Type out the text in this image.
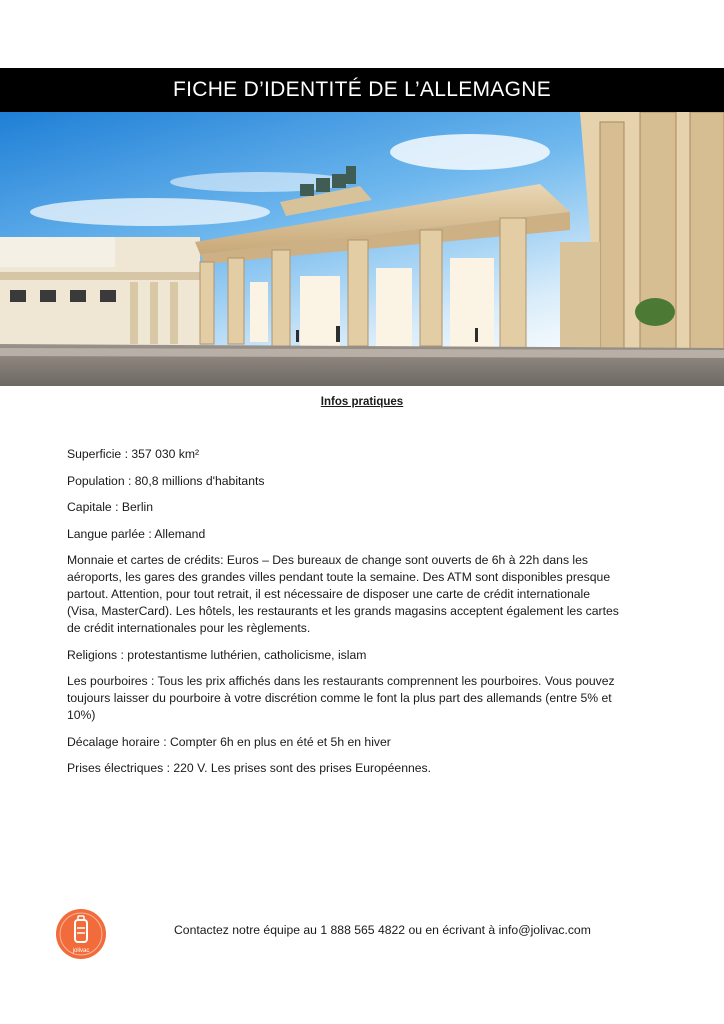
FICHE D’IDENTITÉ DE L’ALLEMAGNE
Infos pratiques

Superficie : 357 030 km²

Population : 80,8 millions d'habitants

Capitale : Berlin

Langue parlée : Allemand

Monnaie et cartes de crédits: Euros – Des bureaux de change sont ouverts de 6h à 22h dans les aéroports, les gares des grandes villes pendant toute la semaine. Des ATM sont disponibles presque partout. Attention, pour tout retrait, il est nécessaire de disposer une carte de crédit internationale (Visa, MasterCard). Les hôtels, les restaurants et les grands magasins acceptent également les cartes de crédit internationales pour les règlements.

Religions : protestantisme luthérien, catholicisme, islam

Les pourboires : Tous les prix affichés dans les restaurants comprennent les pourboires. Vous pouvez toujours laisser du pourboire à votre discrétion comme le font la plus part des allemands (entre 5% et 10%)

Décalage horaire : Compter 6h en plus en été et 5h en hiver

Prises électriques : 220 V. Les prises sont des prises Européennes.

jolivac
Contactez notre équipe au 1 888 565 4822 ou en écrivant à info@jolivac.com
